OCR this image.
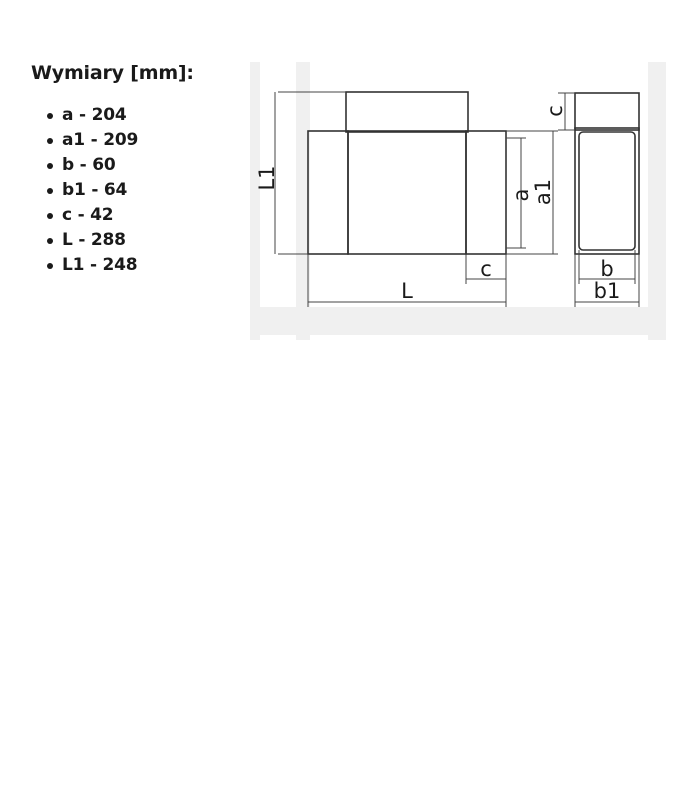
Wymiary [mm]:
a - 204
a1 - 209
b - 60
b1 - 64
c - 42
L - 288
L1 - 248
L1
a
a1
c
c
L
b
b1
